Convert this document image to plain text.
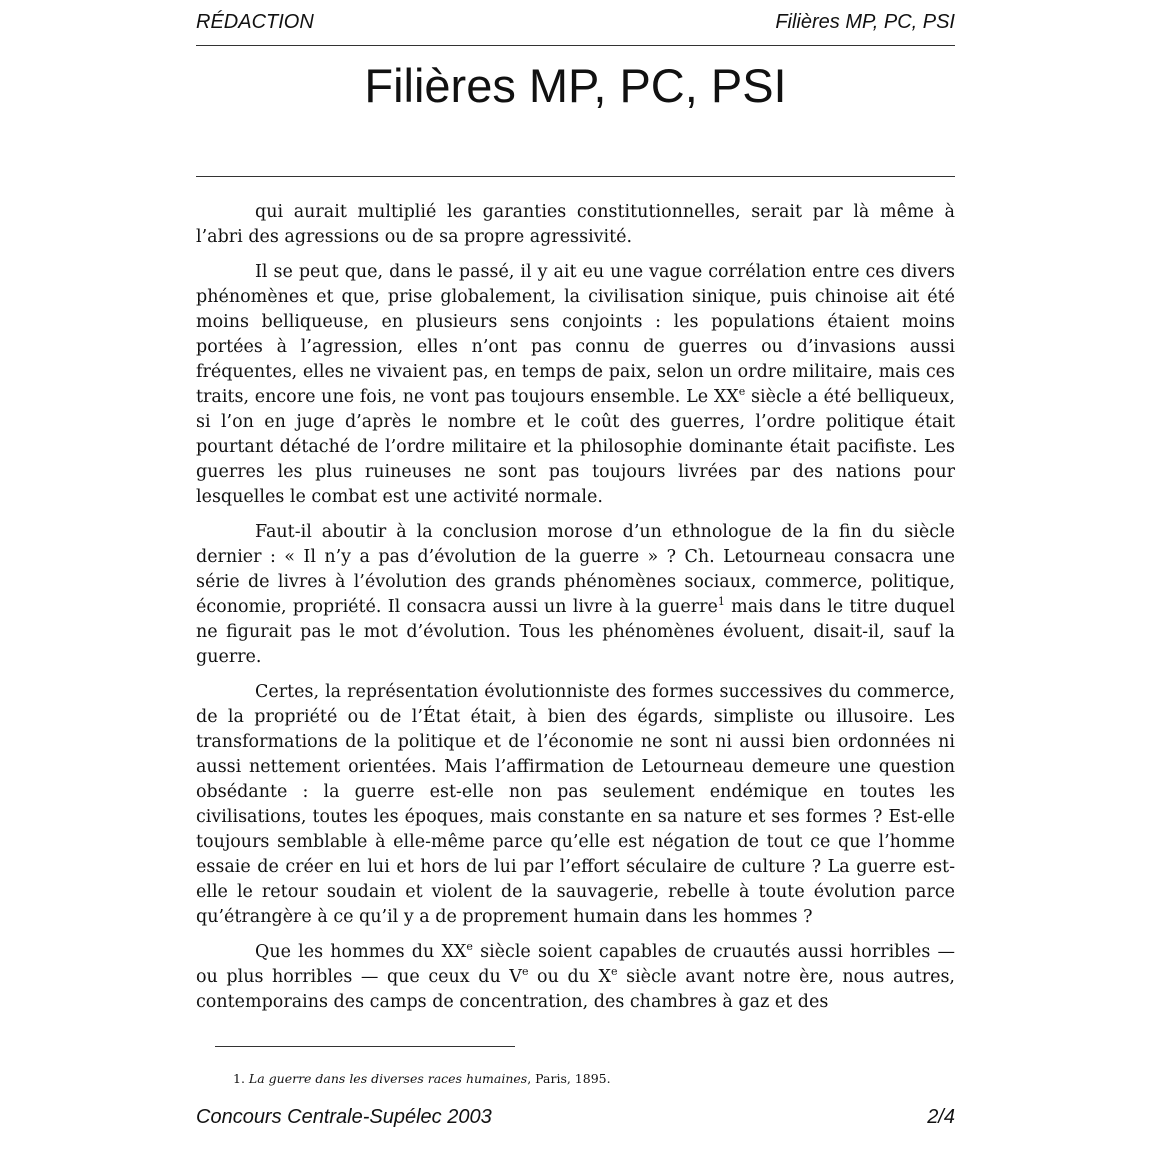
RÉDACTION	Filières MP, PC, PSI
Filières MP, PC, PSI

qui aurait multiplié les garanties constitutionnelles, serait par là même à l’abri des agressions ou de sa propre agressivité.

Il se peut que, dans le passé, il y ait eu une vague corrélation entre ces divers phénomènes et que, prise globalement, la civilisation sinique, puis chinoise ait été moins belliqueuse, en plusieurs sens conjoints : les populations étaient moins portées à l’agression, elles n’ont pas connu de guerres ou d’invasions aussi fréquentes, elles ne vivaient pas, en temps de paix, selon un ordre militaire, mais ces traits, encore une fois, ne vont pas toujours ensemble. Le XXe siècle a été belliqueux, si l’on en juge d’après le nombre et le coût des guerres, l’ordre politique était pourtant détaché de l’ordre militaire et la philosophie dominante était pacifiste. Les guerres les plus ruineuses ne sont pas toujours livrées par des nations pour lesquelles le combat est une activité normale.

Faut-il aboutir à la conclusion morose d’un ethnologue de la fin du siècle dernier : « Il n’y a pas d’évolution de la guerre » ? Ch. Letourneau consacra une série de livres à l’évolution des grands phénomènes sociaux, commerce, politique, économie, propriété. Il consacra aussi un livre à la guerre$^1$ mais dans le titre duquel ne figurait pas le mot d’évolution. Tous les phénomènes évoluent, disait-il, sauf la guerre.

Certes, la représentation évolutionniste des formes successives du commerce, de la propriété ou de l’État était, à bien des égards, simpliste ou illusoire. Les transformations de la politique et de l’économie ne sont ni aussi bien ordonnées ni aussi nettement orientées. Mais l’affirmation de Letourneau demeure une question obsédante : la guerre est-elle non pas seulement endémique en toutes les civilisations, toutes les époques, mais constante en sa nature et ses formes ? Est-elle toujours semblable à elle-même parce qu’elle est négation de tout ce que l’homme essaie de créer en lui et hors de lui par l’effort séculaire de culture ? La guerre est-elle le retour soudain et violent de la sauvagerie, rebelle à toute évolution parce qu’étrangère à ce qu’il y a de proprement humain dans les hommes ?

Que les hommes du XXe siècle soient capables de cruautés aussi horribles — ou plus horribles — que ceux du Ve ou du Xe siècle avant notre ère, nous autres, contemporains des camps de concentration, des chambres à gaz et des

1. La guerre dans les diverses races humaines, Paris, 1895.
Concours Centrale-Supélec 2003	2/4
